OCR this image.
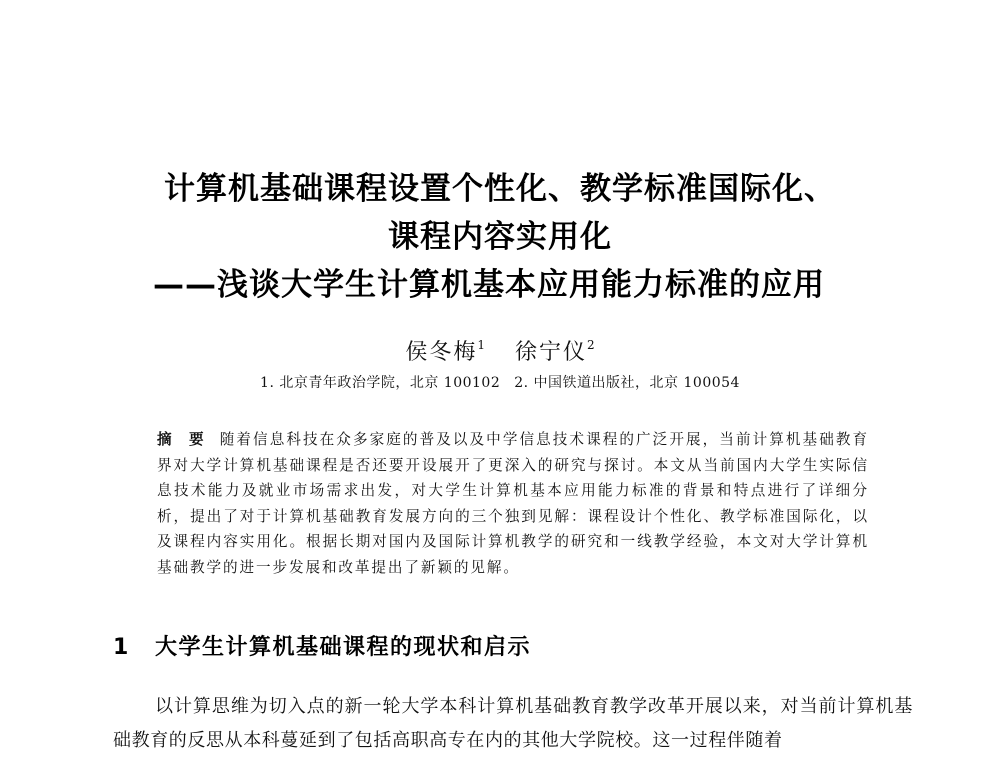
计算机基础课程设置个性化、教学标准国际化、
课程内容实用化
——浅谈大学生计算机基本应用能力标准的应用
侯冬梅$^1$ 徐宁仪$^2$
1. 北京青年政治学院，北京 100102 2. 中国铁道出版社，北京 100054
摘 要 随着信息科技在众多家庭的普及以及中学信息技术课程的广泛开展，当前计算机基础教育界对大学计算机基础课程是否还要开设展开了更深入的研究与探讨。本文从当前国内大学生实际信息技术能力及就业市场需求出发，对大学生计算机基本应用能力标准的背景和特点进行了详细分析，提出了对于计算机基础教育发展方向的三个独到见解：课程设计个性化、教学标准国际化，以及课程内容实用化。根据长期对国内及国际计算机教学的研究和一线教学经验，本文对大学计算机基础教学的进一步发展和改革提出了新颖的见解。
1 大学生计算机基础课程的现状和启示
以计算思维为切入点的新一轮大学本科计算机基础教育教学改革开展以来，对当前计算机基础教育的反思从本科蔓延到了包括高职高专在内的其他大学院校。这一过程伴随着
